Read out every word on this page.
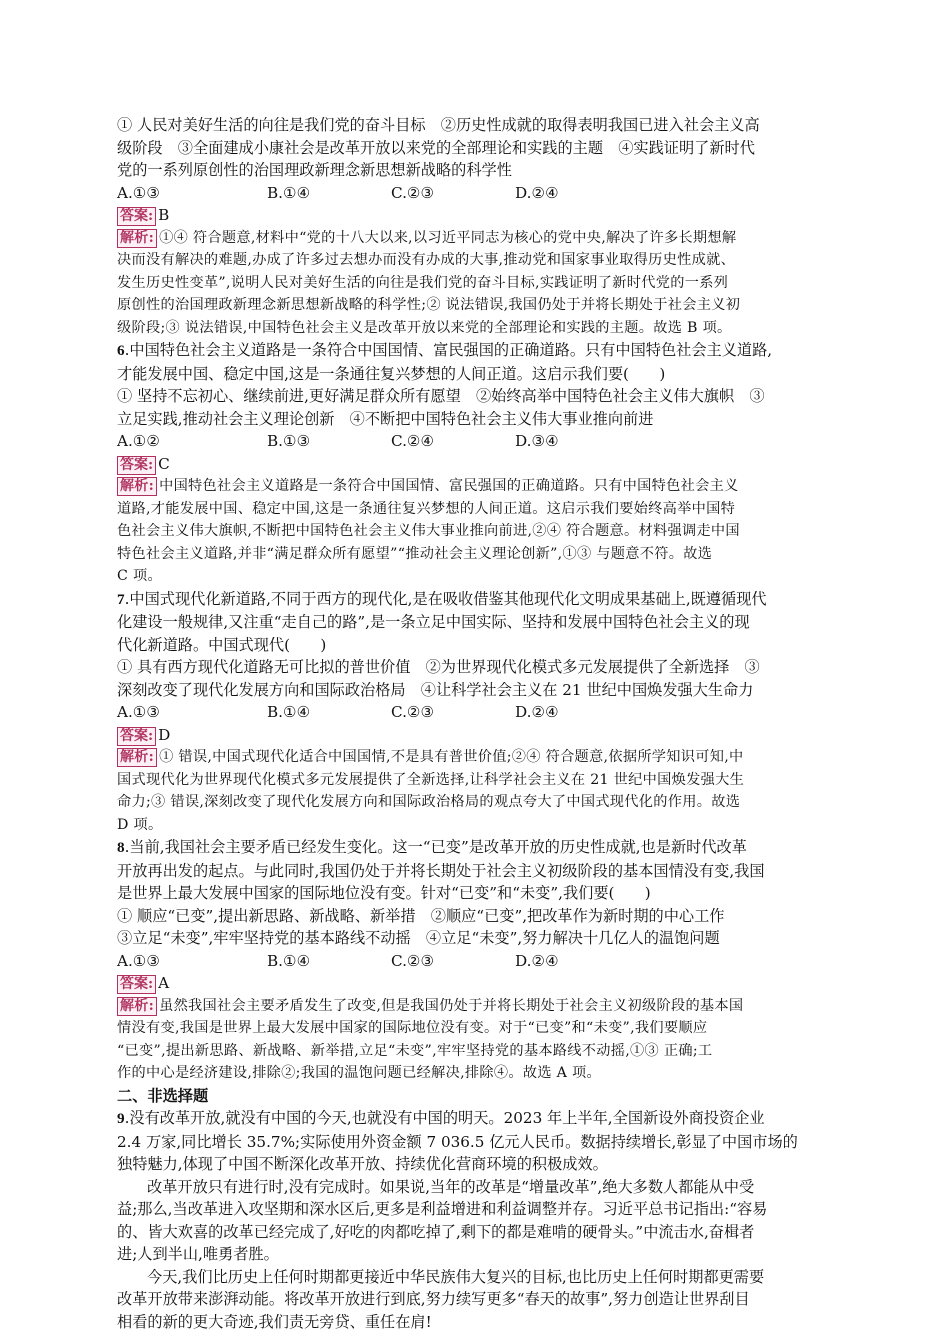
① 人民对美好生活的向往是我们党的奋斗目标　②历史性成就的取得表明我国已进入社会主义高
级阶段　③全面建成小康社会是改革开放以来党的全部理论和实践的主题　④实践证明了新时代
党的一系列原创性的治国理政新理念新思想新战略的科学性
A.①③	B.①④	C.②③	D.②④
答案: B
解析: ①④ 符合题意,材料中“党的十八大以来,以习近平同志为核心的党中央,解决了许多长期想解
决而没有解决的难题,办成了许多过去想办而没有办成的大事,推动党和国家事业取得历史性成就、
发生历史性变革”,说明人民对美好生活的向往是我们党的奋斗目标,实践证明了新时代党的一系列
原创性的治国理政新理念新思想新战略的科学性;② 说法错误,我国仍处于并将长期处于社会主义初
级阶段;③ 说法错误,中国特色社会主义是改革开放以来党的全部理论和实践的主题。故选 B 项。
6.中国特色社会主义道路是一条符合中国国情、富民强国的正确道路。只有中国特色社会主义道路,
才能发展中国、稳定中国,这是一条通往复兴梦想的人间正道。这启示我们要(　　)
① 坚持不忘初心、继续前进,更好满足群众所有愿望　②始终高举中国特色社会主义伟大旗帜　③
立足实践,推动社会主义理论创新　④不断把中国特色社会主义伟大事业推向前进
A.①②	B.①③	C.②④	D.③④
答案: C
解析: 中国特色社会主义道路是一条符合中国国情、富民强国的正确道路。只有中国特色社会主义
道路,才能发展中国、稳定中国,这是一条通往复兴梦想的人间正道。这启示我们要始终高举中国特
色社会主义伟大旗帜,不断把中国特色社会主义伟大事业推向前进,②④ 符合题意。材料强调走中国
特色社会主义道路,并非“满足群众所有愿望”“推动社会主义理论创新”,①③ 与题意不符。故选
C 项。
7.中国式现代化新道路,不同于西方的现代化,是在吸收借鉴其他现代化文明成果基础上,既遵循现代
化建设一般规律,又注重“走自己的路”,是一条立足中国实际、坚持和发展中国特色社会主义的现
代化新道路。中国式现代(　　)
① 具有西方现代化道路无可比拟的普世价值　②为世界现代化模式多元发展提供了全新选择　③
深刻改变了现代化发展方向和国际政治格局　④让科学社会主义在 21 世纪中国焕发强大生命力
A.①③	B.①④	C.②③	D.②④
答案: D
解析: ① 错误,中国式现代化适合中国国情,不是具有普世价值;②④ 符合题意,依据所学知识可知,中
国式现代化为世界现代化模式多元发展提供了全新选择,让科学社会主义在 21 世纪中国焕发强大生
命力;③ 错误,深刻改变了现代化发展方向和国际政治格局的观点夸大了中国式现代化的作用。故选
D 项。
8.当前,我国社会主要矛盾已经发生变化。这一“已变”是改革开放的历史性成就,也是新时代改革
开放再出发的起点。与此同时,我国仍处于并将长期处于社会主义初级阶段的基本国情没有变,我国
是世界上最大发展中国家的国际地位没有变。针对“已变”和“未变”,我们要(　　)
① 顺应“已变”,提出新思路、新战略、新举措　②顺应“已变”,把改革作为新时期的中心工作
③立足“未变”,牢牢坚持党的基本路线不动摇　④立足“未变”,努力解决十几亿人的温饱问题
A.①③	B.①④	C.②③	D.②④
答案: A
解析: 虽然我国社会主要矛盾发生了改变,但是我国仍处于并将长期处于社会主义初级阶段的基本国
情没有变,我国是世界上最大发展中国家的国际地位没有变。对于“已变”和“未变”,我们要顺应
“已变”,提出新思路、新战略、新举措,立足“未变”,牢牢坚持党的基本路线不动摇,①③ 正确;工
作的中心是经济建设,排除②;我国的温饱问题已经解决,排除④。故选 A 项。
二、非选择题
9.没有改革开放,就没有中国的今天,也就没有中国的明天。2023 年上半年,全国新设外商投资企业
2.4 万家,同比增长 35.7%;实际使用外资金额 7 036.5 亿元人民币。数据持续增长,彰显了中国市场的
独特魅力,体现了中国不断深化改革开放、持续优化营商环境的积极成效。
改革开放只有进行时,没有完成时。如果说,当年的改革是“增量改革”,绝大多数人都能从中受
益;那么,当改革进入攻坚期和深水区后,更多是利益增进和利益调整并存。习近平总书记指出:“容易
的、皆大欢喜的改革已经完成了,好吃的肉都吃掉了,剩下的都是难啃的硬骨头。”中流击水,奋楫者
进;人到半山,唯勇者胜。
今天,我们比历史上任何时期都更接近中华民族伟大复兴的目标,也比历史上任何时期都更需要
改革开放带来澎湃动能。将改革开放进行到底,努力续写更多“春天的故事”,努力创造让世界刮目
相看的新的更大奇迹,我们责无旁贷、重任在肩!
